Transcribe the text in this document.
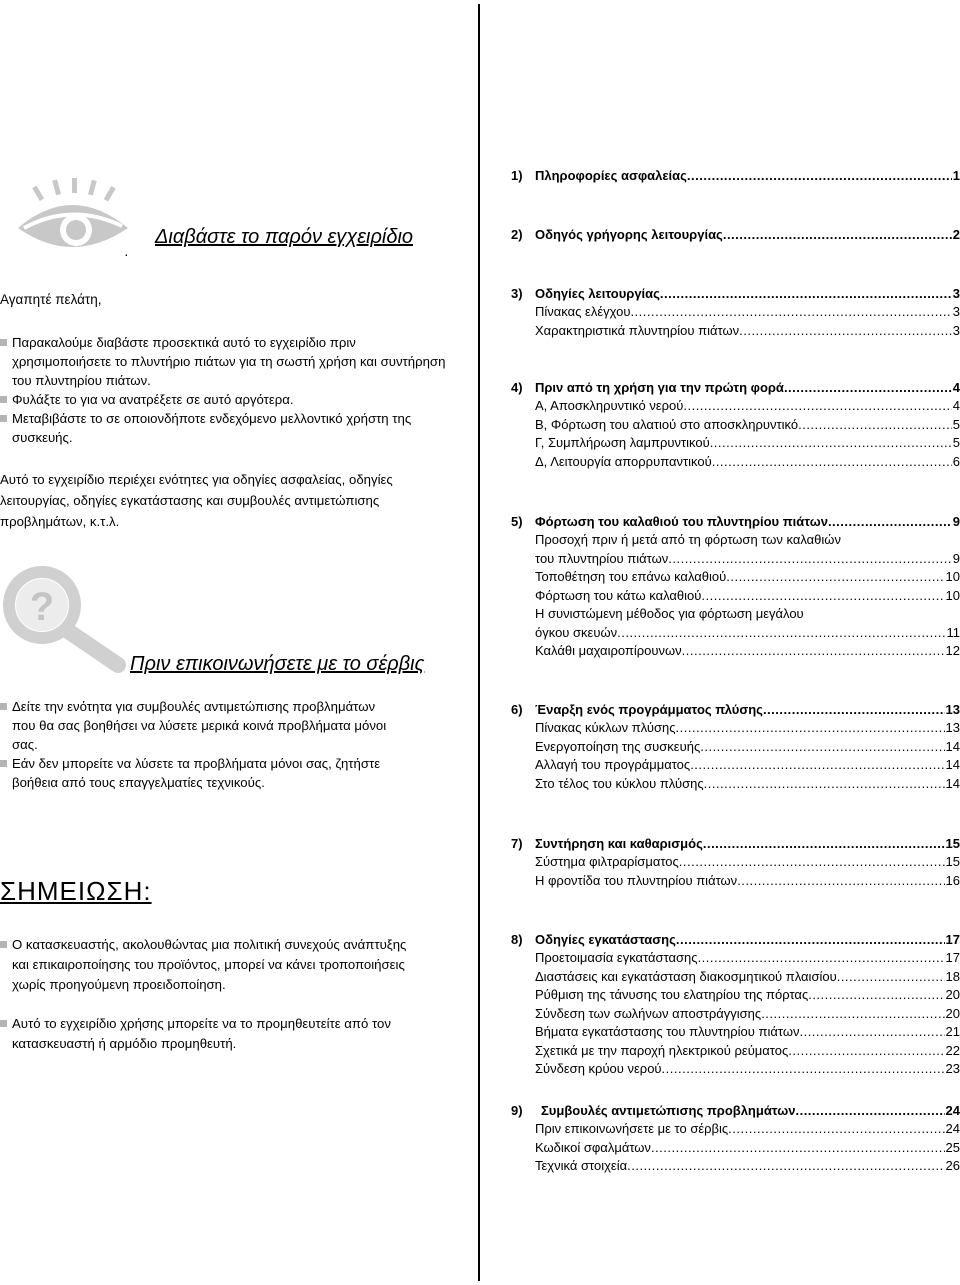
·
Διαβάστε το παρόν εγχειρίδιο
Αγαπητέ πελάτη,
Παρακαλούμε διαβάστε προσεκτικά αυτό το εγχειρίδιο πριν χρησιμοποιήσετε το πλυντήριο πιάτων για τη σωστή χρήση και συντήρηση του πλυντηρίου πιάτων.
Φυλάξτε το για να ανατρέξετε σε αυτό αργότερα.
Μεταβιβάστε το σε οποιονδήποτε ενδεχόμενο μελλοντικό χρήστη της συσκευής.
Αυτό το εγχειρίδιο περιέχει ενότητες για οδηγίες ασφαλείας, οδηγίες λειτουργίας, οδηγίες εγκατάστασης και συμβουλές αντιμετώπισης προβλημάτων, κ.τ.λ.
?
Πριν επικοινωνήσετε με το σέρβις
Δείτε την ενότητα για συμβουλές αντιμετώπισης προβλημάτων που θα σας βοηθήσει να λύσετε μερικά κοινά προβλήματα μόνοι σας.
Εάν δεν μπορείτε να λύσετε τα προβλήματα μόνοι σας, ζητήστε βοήθεια από τους επαγγελματίες τεχνικούς.
ΣΗΜΕΙΩΣΗ:
Ο κατασκευαστής, ακολουθώντας μια πολιτική συνεχούς ανάπτυξης και επικαιροποίησης του προϊόντος, μπορεί να κάνει τροποποιήσεις χωρίς προηγούμενη προειδοποίηση.
Αυτό το εγχειρίδιο χρήσης μπορείτε να το προμηθευτείτε από τον κατασκευαστή ή αρμόδιο προμηθευτή.
1) Πληροφορίες ασφαλείας .....	1
2) Οδηγός γρήγορης λειτουργίας .....	2
3) Οδηγίες λειτουργίας .....	3
Πίνακας ελέγχου .....	3
Χαρακτηριστικά πλυντηρίου πιάτων .....	3
4) Πριν από τη χρήση για την πρώτη φορά .....	4
Α, Αποσκληρυντικό νερού .....	4
Β, Φόρτωση του αλατιού στο αποσκληρυντικό .....	5
Γ, Συμπλήρωση λαμπρυντικού .....	5
Δ, Λειτουργία απορρυπαντικού .....	6
5) Φόρτωση του καλαθιού του πλυντηρίου πιάτων .....	9
Προσοχή πριν ή μετά από τη φόρτωση των καλαθιών
του πλυντηρίου πιάτων .....	9
Τοποθέτηση του επάνω καλαθιού .....	10
Φόρτωση του κάτω καλαθιού .....	10
Η συνιστώμενη μέθοδος για φόρτωση μεγάλου
όγκου σκευών .....	11
Καλάθι μαχαιροπίρουνων .....	12
6) Έναρξη ενός προγράμματος πλύσης .....	13
Πίνακας κύκλων πλύσης .....	13
Ενεργοποίηση της συσκευής .....	14
Αλλαγή του προγράμματος .....	14
Στο τέλος του κύκλου πλύσης .....	14
7) Συντήρηση και καθαρισμός .....	15
Σύστημα φιλτραρίσματος .....	15
Η φροντίδα του πλυντηρίου πιάτων .....	16
8) Οδηγίες εγκατάστασης .....	17
Προετοιμασία εγκατάστασης .....	17
Διαστάσεις και εγκατάσταση διακοσμητικού πλαισίου .....	18
Ρύθμιση της τάνυσης του ελατηρίου της πόρτας .....	20
Σύνδεση των σωλήνων αποστράγγισης .....	20
Βήματα εγκατάστασης του πλυντηρίου πιάτων .....	21
Σχετικά με την παροχή ηλεκτρικού ρεύματος .....	22
Σύνδεση κρύου νερού .....	23
9)	Συμβουλές αντιμετώπισης προβλημάτων .....	24
Πριν επικοινωνήσετε με το σέρβις .....	24
Κωδικοί σφαλμάτων .....	25
Τεχνικά στοιχεία .....	26
